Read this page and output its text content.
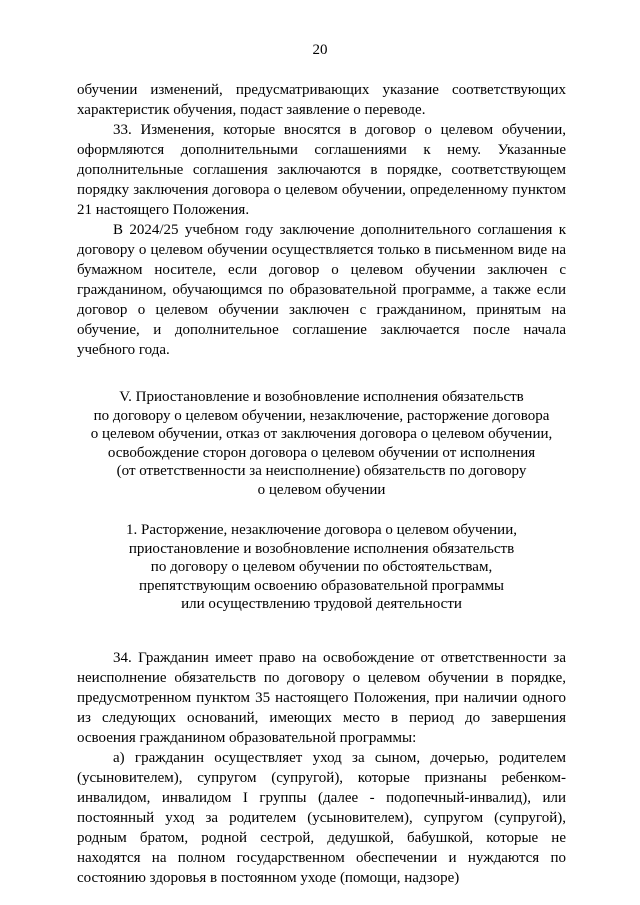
20

обучении изменений, предусматривающих указание соответствующих характеристик обучения, подаст заявление о переводе.

33. Изменения, которые вносятся в договор о целевом обучении, оформляются дополнительными соглашениями к нему. Указанные дополнительные соглашения заключаются в порядке, соответствующем порядку заключения договора о целевом обучении, определенному пунктом 21 настоящего Положения.

В 2024/25 учебном году заключение дополнительного соглашения к договору о целевом обучении осуществляется только в письменном виде на бумажном носителе, если договор о целевом обучении заключен с гражданином, обучающимся по образовательной программе, а также если договор о целевом обучении заключен с гражданином, принятым на обучение, и дополнительное соглашение заключается после начала учебного года.

V. Приостановление и возобновление исполнения обязательств

по договору о целевом обучении, незаключение, расторжение договора

о целевом обучении, отказ от заключения договора о целевом обучении,

освобождение сторон договора о целевом обучении от исполнения

(от ответственности за неисполнение) обязательств по договору

о целевом обучении

1. Расторжение, незаключение договора о целевом обучении,

приостановление и возобновление исполнения обязательств

по договору о целевом обучении по обстоятельствам,

препятствующим освоению образовательной программы

или осуществлению трудовой деятельности

34. Гражданин имеет право на освобождение от ответственности за неисполнение обязательств по договору о целевом обучении в порядке, предусмотренном пунктом 35 настоящего Положения, при наличии одного из следующих оснований, имеющих место в период до завершения освоения гражданином образовательной программы:

а) гражданин осуществляет уход за сыном, дочерью, родителем (усыновителем), супругом (супругой), которые признаны ребенком-инвалидом, инвалидом I группы (далее - подопечный-инвалид), или постоянный уход за родителем (усыновителем), супругом (супругой), родным братом, родной сестрой, дедушкой, бабушкой, которые не находятся на полном государственном обеспечении и нуждаются по состоянию здоровья в постоянном уходе (помощи, надзоре)
